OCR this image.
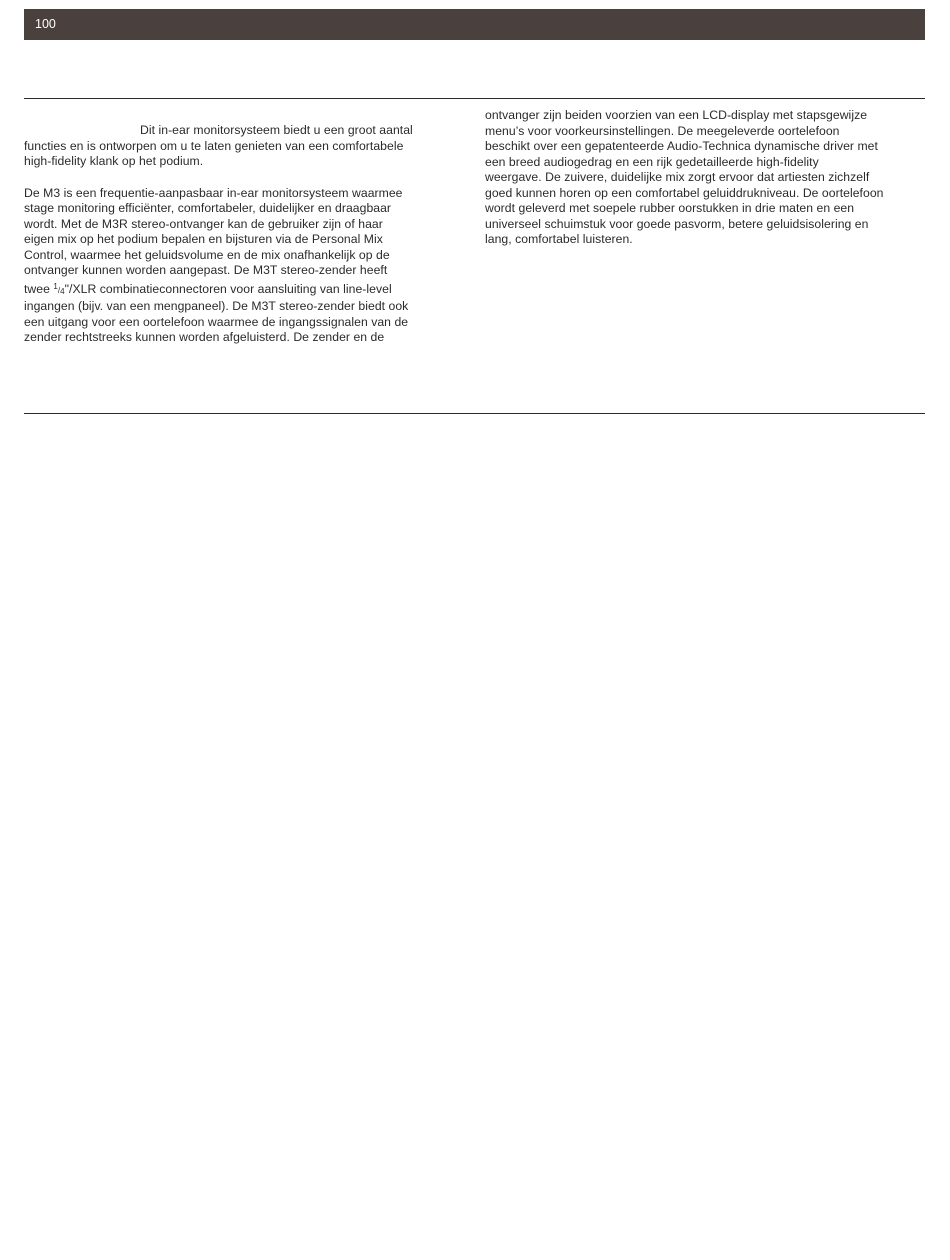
100
Dit in-ear monitorsysteem biedt u een groot aantal
functies en is ontworpen om u te laten genieten van een comfortabele
high-fidelity klank op het podium.
De M3 is een frequentie-aanpasbaar in-ear monitorsysteem waarmee
stage monitoring efficiënter, comfortabeler, duidelijker en draagbaar
wordt. Met de M3R stereo-ontvanger kan de gebruiker zijn of haar
eigen mix op het podium bepalen en bijsturen via de Personal Mix
Control, waarmee het geluidsvolume en de mix onafhankelijk op de
ontvanger kunnen worden aangepast. De M3T stereo-zender heeft
twee $^1$/4"/XLR combinatieconnectoren voor aansluiting van line-level
ingangen (bijv. van een mengpaneel). De M3T stereo-zender biedt ook
een uitgang voor een oortelefoon waarmee de ingangssignalen van de
zender rechtstreeks kunnen worden afgeluisterd. De zender en de
ontvanger zijn beiden voorzien van een LCD-display met stapsgewijze
menu’s voor voorkeursinstellingen. De meegeleverde oortelefoon
beschikt over een gepatenteerde Audio-Technica dynamische driver met
een breed audiogedrag en een rijk gedetailleerde high-fidelity
weergave. De zuivere, duidelijke mix zorgt ervoor dat artiesten zichzelf
goed kunnen horen op een comfortabel geluiddrukniveau. De oortelefoon
wordt geleverd met soepele rubber oorstukken in drie maten en een
universeel schuimstuk voor goede pasvorm, betere geluidsisolering en
lang, comfortabel luisteren.
